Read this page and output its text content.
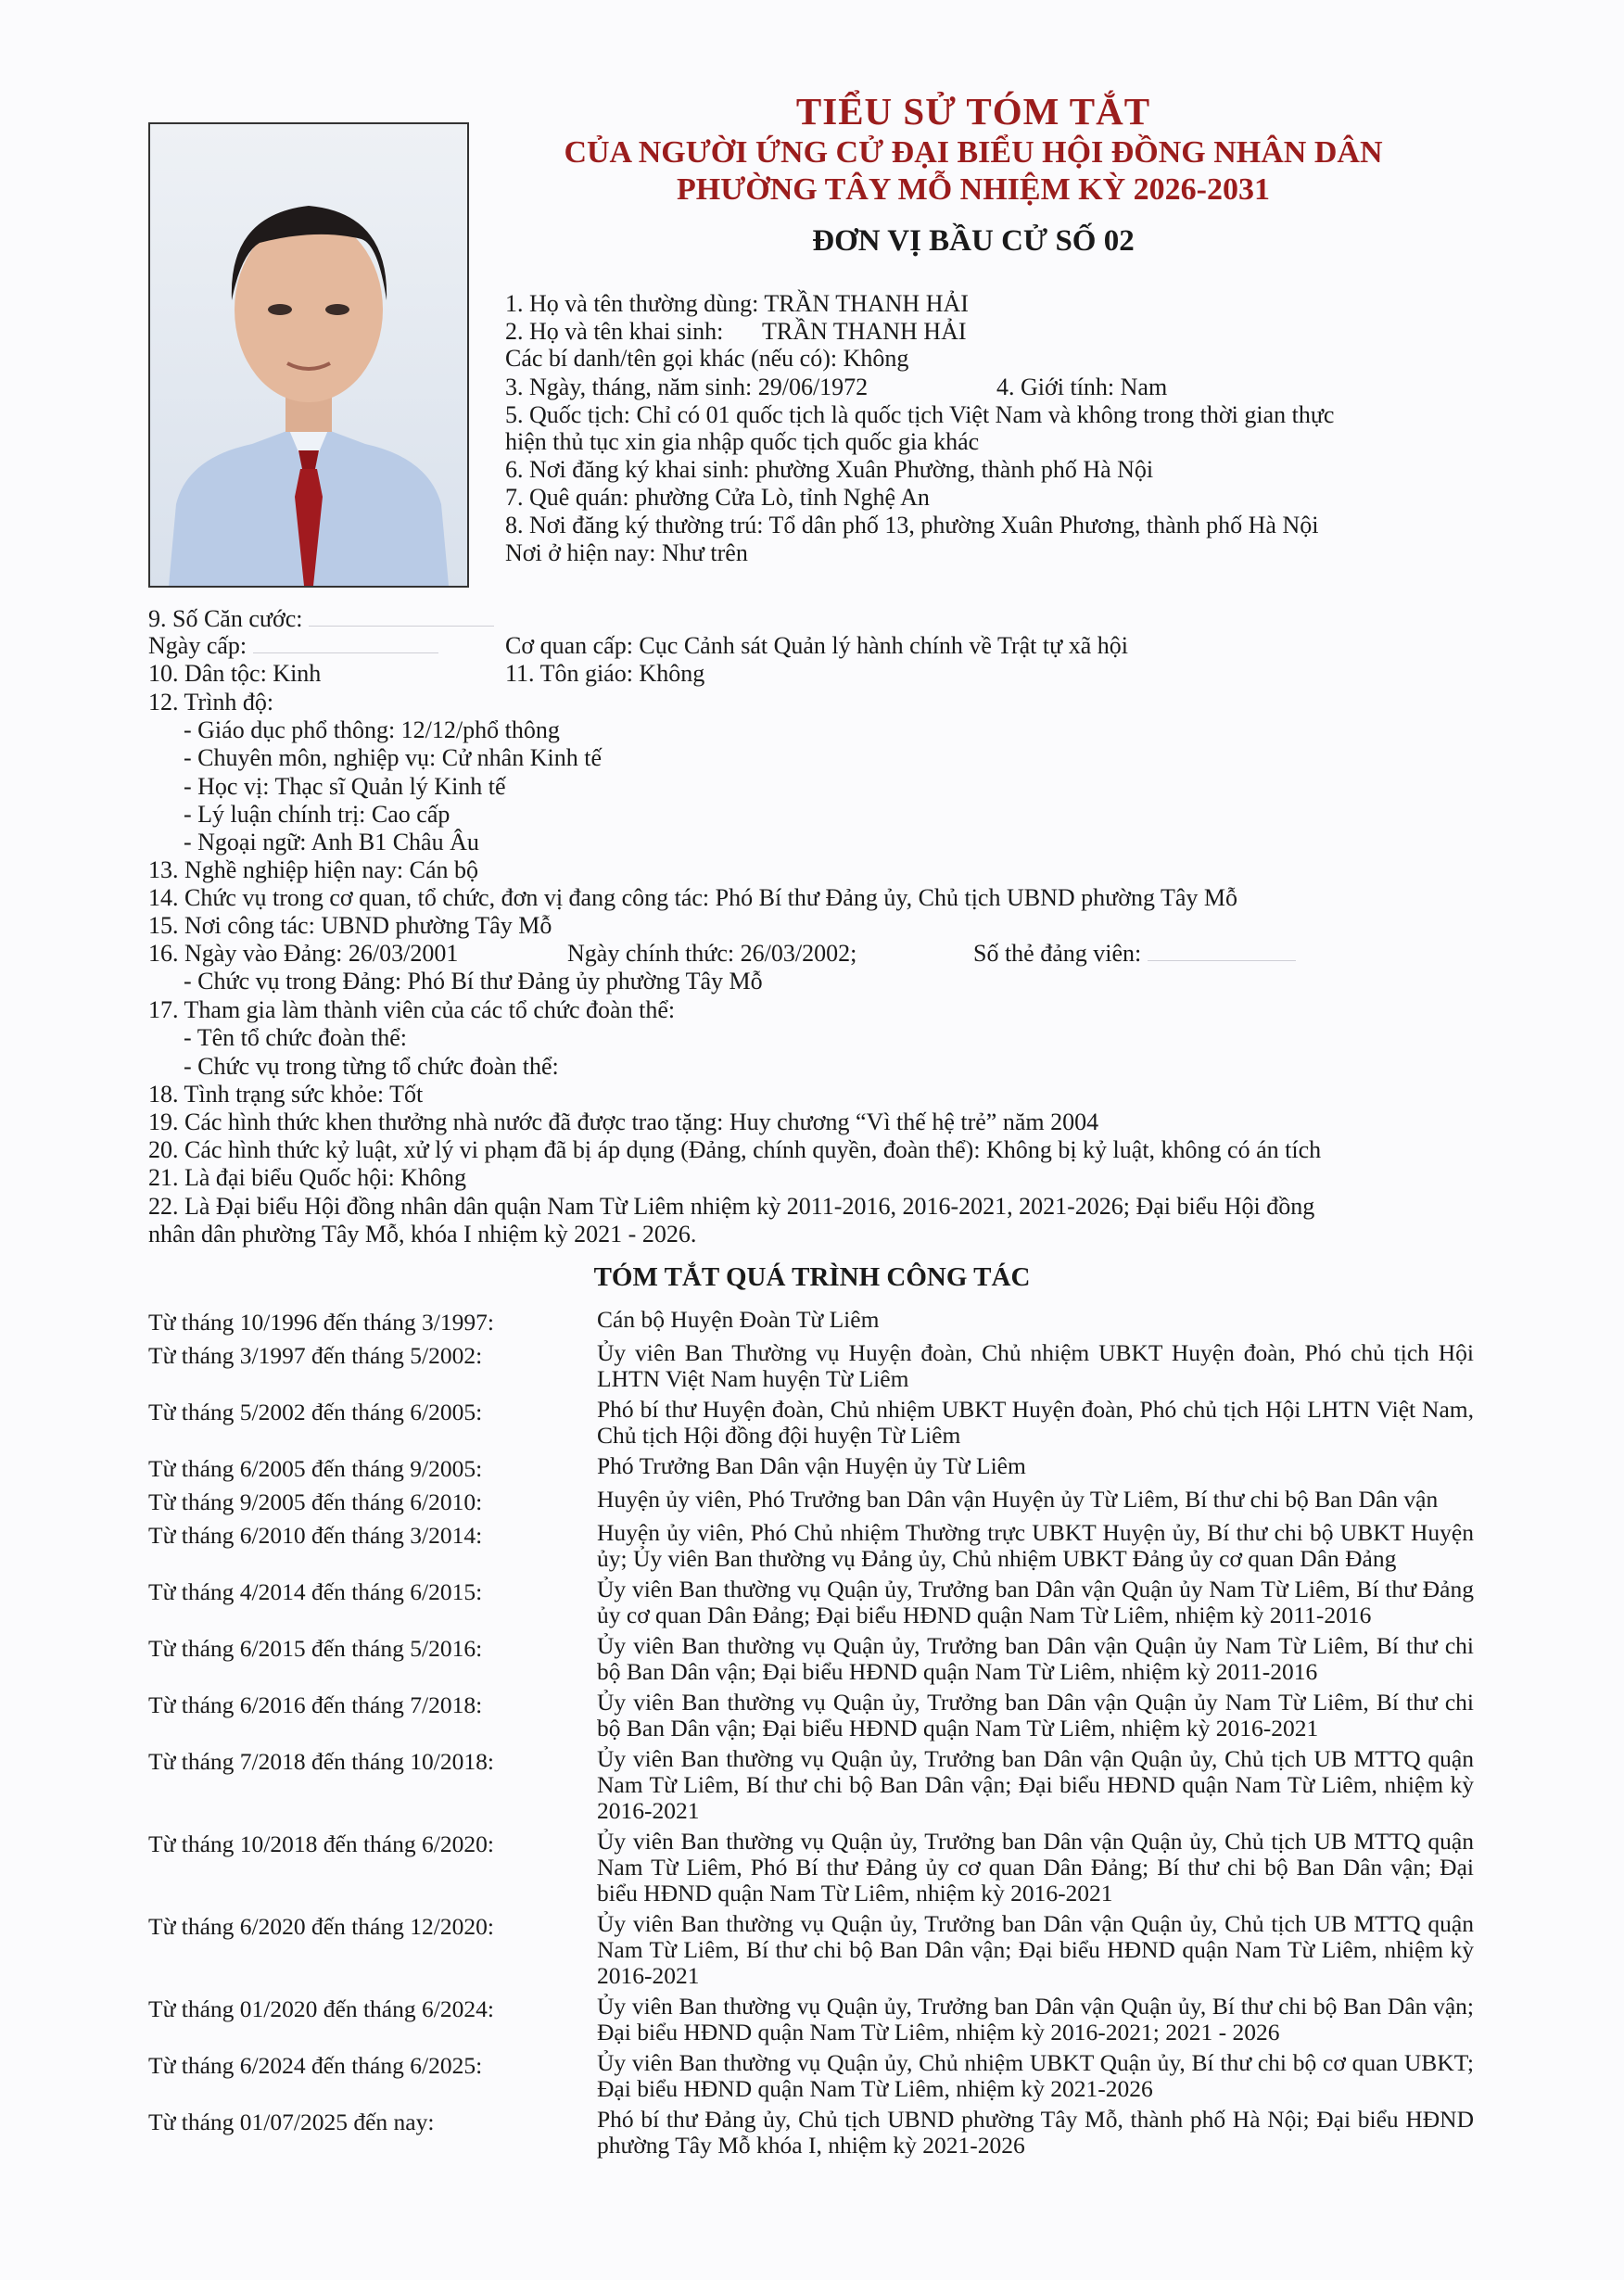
TIỂU SỬ TÓM TẮT
CỦA NGƯỜI ỨNG CỬ ĐẠI BIỂU HỘI ĐỒNG NHÂN DÂN
PHƯỜNG TÂY MỖ NHIỆM KỲ 2026-2031
ĐƠN VỊ BẦU CỬ SỐ 02
1. Họ và tên thường dùng: TRẦN THANH HẢI
2. Họ và tên khai sinh: TRẦN THANH HẢI
Các bí danh/tên gọi khác (nếu có): Không
3. Ngày, tháng, năm sinh: 29/06/1972	4. Giới tính: Nam
5. Quốc tịch: Chỉ có 01 quốc tịch là quốc tịch Việt Nam và không trong thời gian thực
hiện thủ tục xin gia nhập quốc tịch quốc gia khác
6. Nơi đăng ký khai sinh: phường Xuân Phường, thành phố Hà Nội
7. Quê quán: phường Cửa Lò, tỉnh Nghệ An
8. Nơi đăng ký thường trú: Tổ dân phố 13, phường Xuân Phương, thành phố Hà Nội
Nơi ở hiện nay: Như trên
9. Số Căn cước:
Ngày cấp:	Cơ quan cấp: Cục Cảnh sát Quản lý hành chính về Trật tự xã hội
10. Dân tộc: Kinh	11. Tôn giáo: Không
12. Trình độ:
- Giáo dục phổ thông: 12/12/phổ thông
- Chuyên môn, nghiệp vụ: Cử nhân Kinh tế
- Học vị: Thạc sĩ Quản lý Kinh tế
- Lý luận chính trị: Cao cấp
- Ngoại ngữ: Anh B1 Châu Âu
13. Nghề nghiệp hiện nay: Cán bộ
14. Chức vụ trong cơ quan, tổ chức, đơn vị đang công tác: Phó Bí thư Đảng ủy, Chủ tịch UBND phường Tây Mỗ
15. Nơi công tác: UBND phường Tây Mỗ
16. Ngày vào Đảng: 26/03/2001	Ngày chính thức: 26/03/2002;	Số thẻ đảng viên:
- Chức vụ trong Đảng: Phó Bí thư Đảng ủy phường Tây Mỗ
17. Tham gia làm thành viên của các tổ chức đoàn thể:
- Tên tổ chức đoàn thể:
- Chức vụ trong từng tổ chức đoàn thể:
18. Tình trạng sức khỏe: Tốt
19. Các hình thức khen thưởng nhà nước đã được trao tặng: Huy chương “Vì thế hệ trẻ” năm 2004
20. Các hình thức kỷ luật, xử lý vi phạm đã bị áp dụng (Đảng, chính quyền, đoàn thể): Không bị kỷ luật, không có án tích
21. Là đại biểu Quốc hội: Không
22. Là Đại biểu Hội đồng nhân dân quận Nam Từ Liêm nhiệm kỳ 2011-2016, 2016-2021, 2021-2026; Đại biểu Hội đồng
nhân dân phường Tây Mỗ, khóa I nhiệm kỳ 2021 - 2026.
TÓM TẮT QUÁ TRÌNH CÔNG TÁC
Từ tháng 10/1996 đến tháng 3/1997:	Cán bộ Huyện Đoàn Từ Liêm
Từ tháng 3/1997 đến tháng 5/2002:	Ủy viên Ban Thường vụ Huyện đoàn, Chủ nhiệm UBKT Huyện đoàn, Phó chủ tịch Hội LHTN Việt Nam huyện Từ Liêm
Từ tháng 5/2002 đến tháng 6/2005:	Phó bí thư Huyện đoàn, Chủ nhiệm UBKT Huyện đoàn, Phó chủ tịch Hội LHTN Việt Nam, Chủ tịch Hội đồng đội huyện Từ Liêm
Từ tháng 6/2005 đến tháng 9/2005:	Phó Trưởng Ban Dân vận Huyện ủy Từ Liêm
Từ tháng 9/2005 đến tháng 6/2010:	Huyện ủy viên, Phó Trưởng ban Dân vận Huyện ủy Từ Liêm, Bí thư chi bộ Ban Dân vận
Từ tháng 6/2010 đến tháng 3/2014:	Huyện ủy viên, Phó Chủ nhiệm Thường trực UBKT Huyện ủy, Bí thư chi bộ UBKT Huyện ủy; Ủy viên Ban thường vụ Đảng ủy, Chủ nhiệm UBKT Đảng ủy cơ quan Dân Đảng
Từ tháng 4/2014 đến tháng 6/2015:	Ủy viên Ban thường vụ Quận ủy, Trưởng ban Dân vận Quận ủy Nam Từ Liêm, Bí thư Đảng ủy cơ quan Dân Đảng; Đại biểu HĐND quận Nam Từ Liêm, nhiệm kỳ 2011-2016
Từ tháng 6/2015 đến tháng 5/2016:	Ủy viên Ban thường vụ Quận ủy, Trưởng ban Dân vận Quận ủy Nam Từ Liêm, Bí thư chi bộ Ban Dân vận; Đại biểu HĐND quận Nam Từ Liêm, nhiệm kỳ 2011-2016
Từ tháng 6/2016 đến tháng 7/2018:	Ủy viên Ban thường vụ Quận ủy, Trưởng ban Dân vận Quận ủy Nam Từ Liêm, Bí thư chi bộ Ban Dân vận; Đại biểu HĐND quận Nam Từ Liêm, nhiệm kỳ 2016-2021
Từ tháng 7/2018 đến tháng 10/2018:	Ủy viên Ban thường vụ Quận ủy, Trưởng ban Dân vận Quận ủy, Chủ tịch UB MTTQ quận Nam Từ Liêm, Bí thư chi bộ Ban Dân vận; Đại biểu HĐND quận Nam Từ Liêm, nhiệm kỳ 2016-2021
Từ tháng 10/2018 đến tháng 6/2020:	Ủy viên Ban thường vụ Quận ủy, Trưởng ban Dân vận Quận ủy, Chủ tịch UB MTTQ quận Nam Từ Liêm, Phó Bí thư Đảng ủy cơ quan Dân Đảng; Bí thư chi bộ Ban Dân vận; Đại biểu HĐND quận Nam Từ Liêm, nhiệm kỳ 2016-2021
Từ tháng 6/2020 đến tháng 12/2020:	Ủy viên Ban thường vụ Quận ủy, Trưởng ban Dân vận Quận ủy, Chủ tịch UB MTTQ quận Nam Từ Liêm, Bí thư chi bộ Ban Dân vận; Đại biểu HĐND quận Nam Từ Liêm, nhiệm kỳ 2016-2021
Từ tháng 01/2020 đến tháng 6/2024:	Ủy viên Ban thường vụ Quận ủy, Trưởng ban Dân vận Quận ủy, Bí thư chi bộ Ban Dân vận; Đại biểu HĐND quận Nam Từ Liêm, nhiệm kỳ 2016-2021; 2021 - 2026
Từ tháng 6/2024 đến tháng 6/2025:	Ủy viên Ban thường vụ Quận ủy, Chủ nhiệm UBKT Quận ủy, Bí thư chi bộ cơ quan UBKT; Đại biểu HĐND quận Nam Từ Liêm, nhiệm kỳ 2021-2026
Từ tháng 01/07/2025 đến nay:	Phó bí thư Đảng ủy, Chủ tịch UBND phường Tây Mỗ, thành phố Hà Nội; Đại biểu HĐND phường Tây Mỗ khóa I, nhiệm kỳ 2021-2026
